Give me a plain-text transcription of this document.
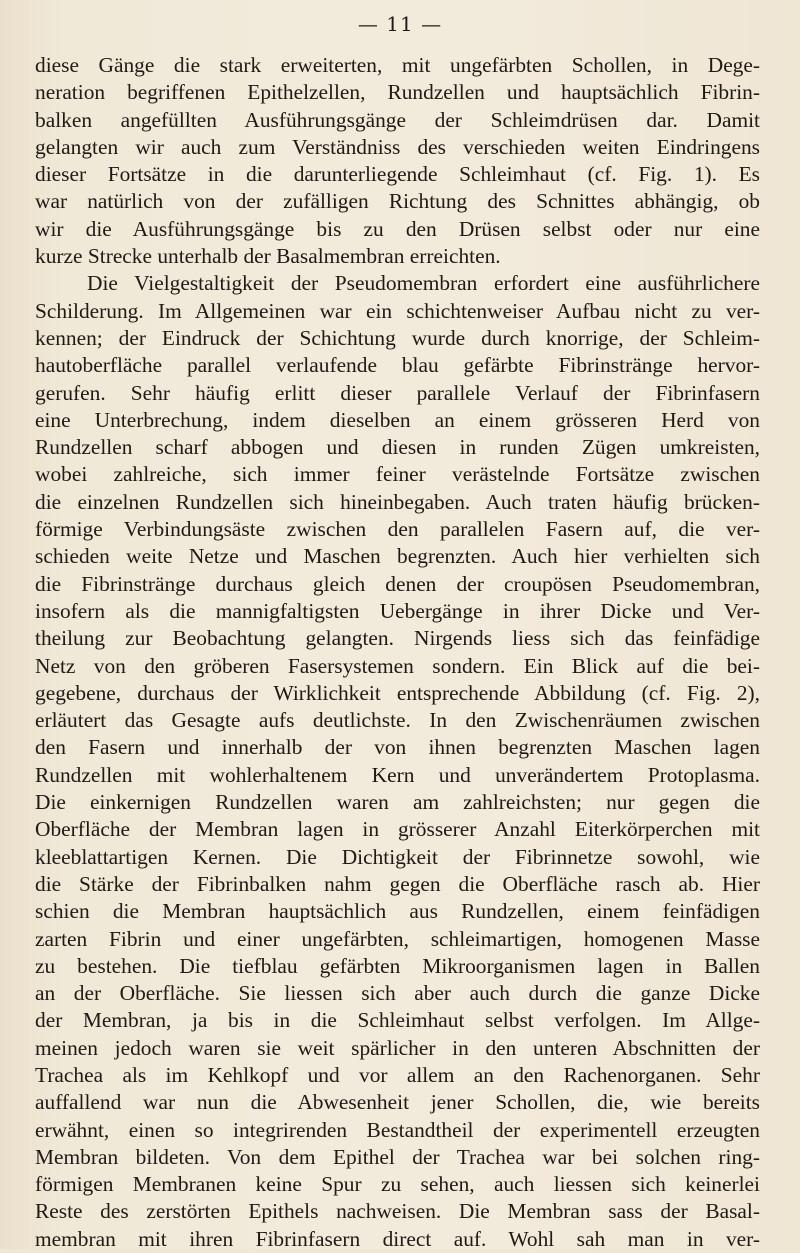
— 11 —
diese Gänge die stark erweiterten, mit ungefärbten Schollen, in Dege-
neration begriffenen Epithelzellen, Rundzellen und hauptsächlich Fibrin-
balken angefüllten Ausführungsgänge der Schleimdrüsen dar. Damit
gelangten wir auch zum Verständniss des verschieden weiten Eindringens
dieser Fortsätze in die darunterliegende Schleimhaut (cf. Fig. 1). Es
war natürlich von der zufälligen Richtung des Schnittes abhängig, ob
wir die Ausführungsgänge bis zu den Drüsen selbst oder nur eine
kurze Strecke unterhalb der Basalmembran erreichten.
Die Vielgestaltigkeit der Pseudomembran erfordert eine ausführlichere
Schilderung. Im Allgemeinen war ein schichtenweiser Aufbau nicht zu ver-
kennen; der Eindruck der Schichtung wurde durch knorrige, der Schleim-
hautoberfläche parallel verlaufende blau gefärbte Fibrinstränge hervor-
gerufen. Sehr häufig erlitt dieser parallele Verlauf der Fibrinfasern
eine Unterbrechung, indem dieselben an einem grösseren Herd von
Rundzellen scharf abbogen und diesen in runden Zügen umkreisten,
wobei zahlreiche, sich immer feiner verästelnde Fortsätze zwischen
die einzelnen Rundzellen sich hineinbegaben. Auch traten häufig brücken-
förmige Verbindungsäste zwischen den parallelen Fasern auf, die ver-
schieden weite Netze und Maschen begrenzten. Auch hier verhielten sich
die Fibrinstränge durchaus gleich denen der croupösen Pseudomembran,
insofern als die mannigfaltigsten Uebergänge in ihrer Dicke und Ver-
theilung zur Beobachtung gelangten. Nirgends liess sich das feinfädige
Netz von den gröberen Fasersystemen sondern. Ein Blick auf die bei-
gegebene, durchaus der Wirklichkeit entsprechende Abbildung (cf. Fig. 2),
erläutert das Gesagte aufs deutlichste. In den Zwischenräumen zwischen
den Fasern und innerhalb der von ihnen begrenzten Maschen lagen
Rundzellen mit wohlerhaltenem Kern und unverändertem Protoplasma.
Die einkernigen Rundzellen waren am zahlreichsten; nur gegen die
Oberfläche der Membran lagen in grösserer Anzahl Eiterkörperchen mit
kleeblattartigen Kernen. Die Dichtigkeit der Fibrinnetze sowohl, wie
die Stärke der Fibrinbalken nahm gegen die Oberfläche rasch ab. Hier
schien die Membran hauptsächlich aus Rundzellen, einem feinfädigen
zarten Fibrin und einer ungefärbten, schleimartigen, homogenen Masse
zu bestehen. Die tiefblau gefärbten Mikroorganismen lagen in Ballen
an der Oberfläche. Sie liessen sich aber auch durch die ganze Dicke
der Membran, ja bis in die Schleimhaut selbst verfolgen. Im Allge-
meinen jedoch waren sie weit spärlicher in den unteren Abschnitten der
Trachea als im Kehlkopf und vor allem an den Rachenorganen. Sehr
auffallend war nun die Abwesenheit jener Schollen, die, wie bereits
erwähnt, einen so integrirenden Bestandtheil der experimentell erzeugten
Membran bildeten. Von dem Epithel der Trachea war bei solchen ring-
förmigen Membranen keine Spur zu sehen, auch liessen sich keinerlei
Reste des zerstörten Epithels nachweisen. Die Membran sass der Basal-
membran mit ihren Fibrinfasern direct auf. Wohl sah man in ver-
